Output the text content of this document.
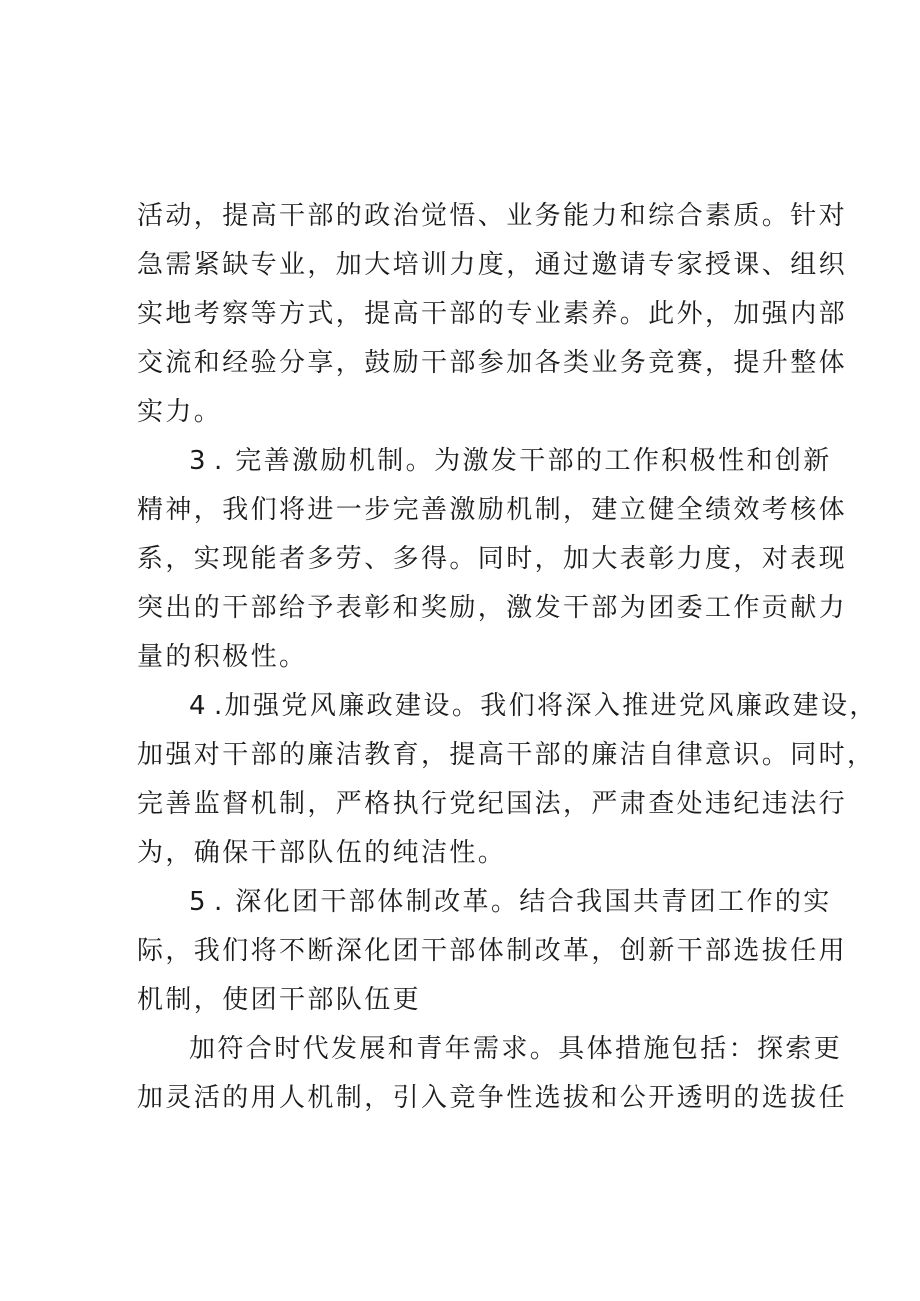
活动，提高干部的政治觉悟、业务能力和综合素质。针对
急需紧缺专业，加大培训力度，通过邀请专家授课、组织
实地考察等方式，提高干部的专业素养。此外，加强内部
交流和经验分享，鼓励干部参加各类业务竞赛，提升整体
实力。
3 . 完善激励机制。为激发干部的工作积极性和创新
精神，我们将进一步完善激励机制，建立健全绩效考核体
系，实现能者多劳、多得。同时，加大表彰力度，对表现
突出的干部给予表彰和奖励，激发干部为团委工作贡献力
量的积极性。
4 .加强党风廉政建设。我们将深入推进党风廉政建设，
加强对干部的廉洁教育，提高干部的廉洁自律意识。同时，
完善监督机制，严格执行党纪国法，严肃查处违纪违法行
为，确保干部队伍的纯洁性。
5 . 深化团干部体制改革。结合我国共青团工作的实
际，我们将不断深化团干部体制改革，创新干部选拔任用
机制，使团干部队伍更
加符合时代发展和青年需求。具体措施包括：探索更
加灵活的用人机制，引入竞争性选拔和公开透明的选拔任
